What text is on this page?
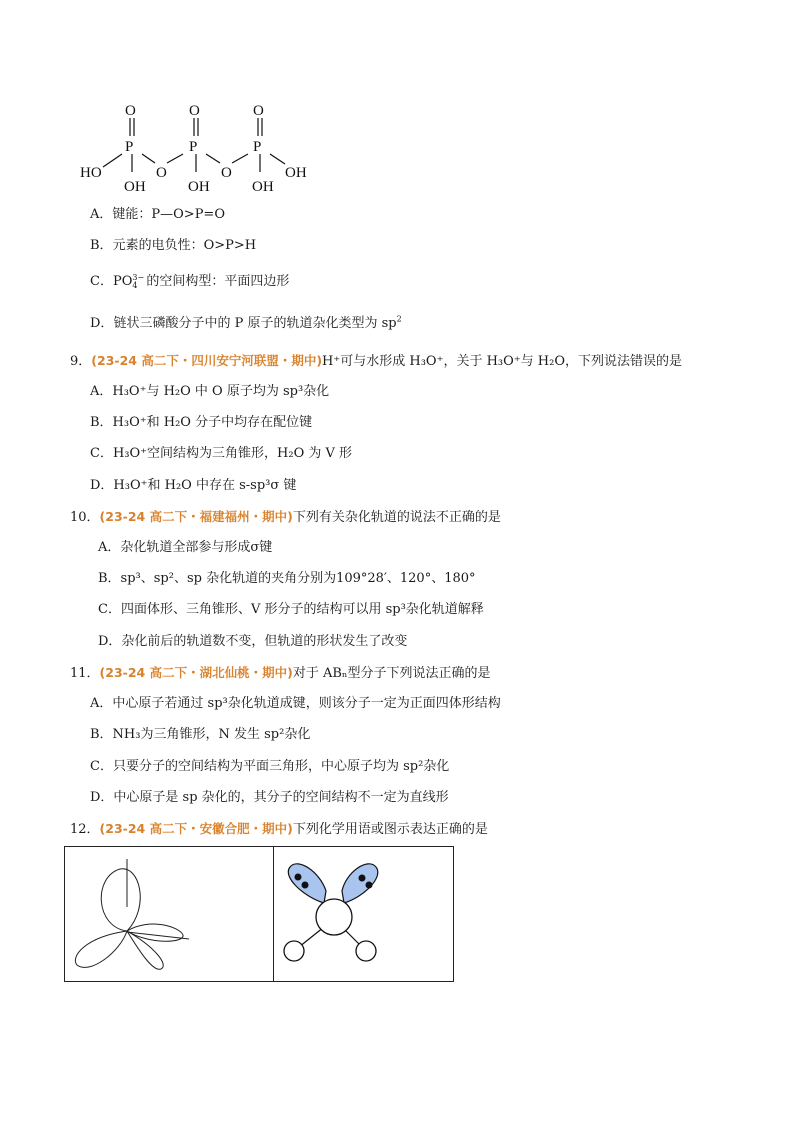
O
P
OH
HO	O
O
P
OH
O
O
P
OH
OH
A．键能：P—O>P=O
B．元素的电负性：O>P>H
C．PO 3−
4 的空间构型：平面四边形
D．链状三磷酸分子中的 P 原子的轨道杂化类型为 $sp^2$
9．(23-24 高二下・四川安宁河联盟・期中)H⁺可与水形成 H₃O⁺，关于 H₃O⁺与 H₂O，下列说法错误的是
A．H₃O⁺与 H₂O 中 O 原子均为 sp³杂化
B．H₃O⁺和 H₂O 分子中均存在配位键
C．H₃O⁺空间结构为三角锥形，H₂O 为 V 形
D．H₃O⁺和 H₂O 中存在 s-sp³σ 键
10．(23-24 高二下・福建福州・期中)下列有关杂化轨道的说法不正确的是
A．杂化轨道全部参与形成σ键
B．sp³、sp²、sp 杂化轨道的夹角分别为109°28′、120°、180°
C．四面体形、三角锥形、V 形分子的结构可以用 sp³杂化轨道解释
D．杂化前后的轨道数不变，但轨道的形状发生了改变
11．(23-24 高二下・湖北仙桃・期中)对于 ABₙ型分子下列说法正确的是
A．中心原子若通过 sp³杂化轨道成键，则该分子一定为正面四体形结构
B．NH₃为三角锥形，N 发生 sp²杂化
C．只要分子的空间结构为平面三角形，中心原子均为 sp²杂化
D．中心原子是 sp 杂化的，其分子的空间结构不一定为直线形
12．(23-24 高二下・安徽合肥・期中)下列化学用语或图示表达正确的是
